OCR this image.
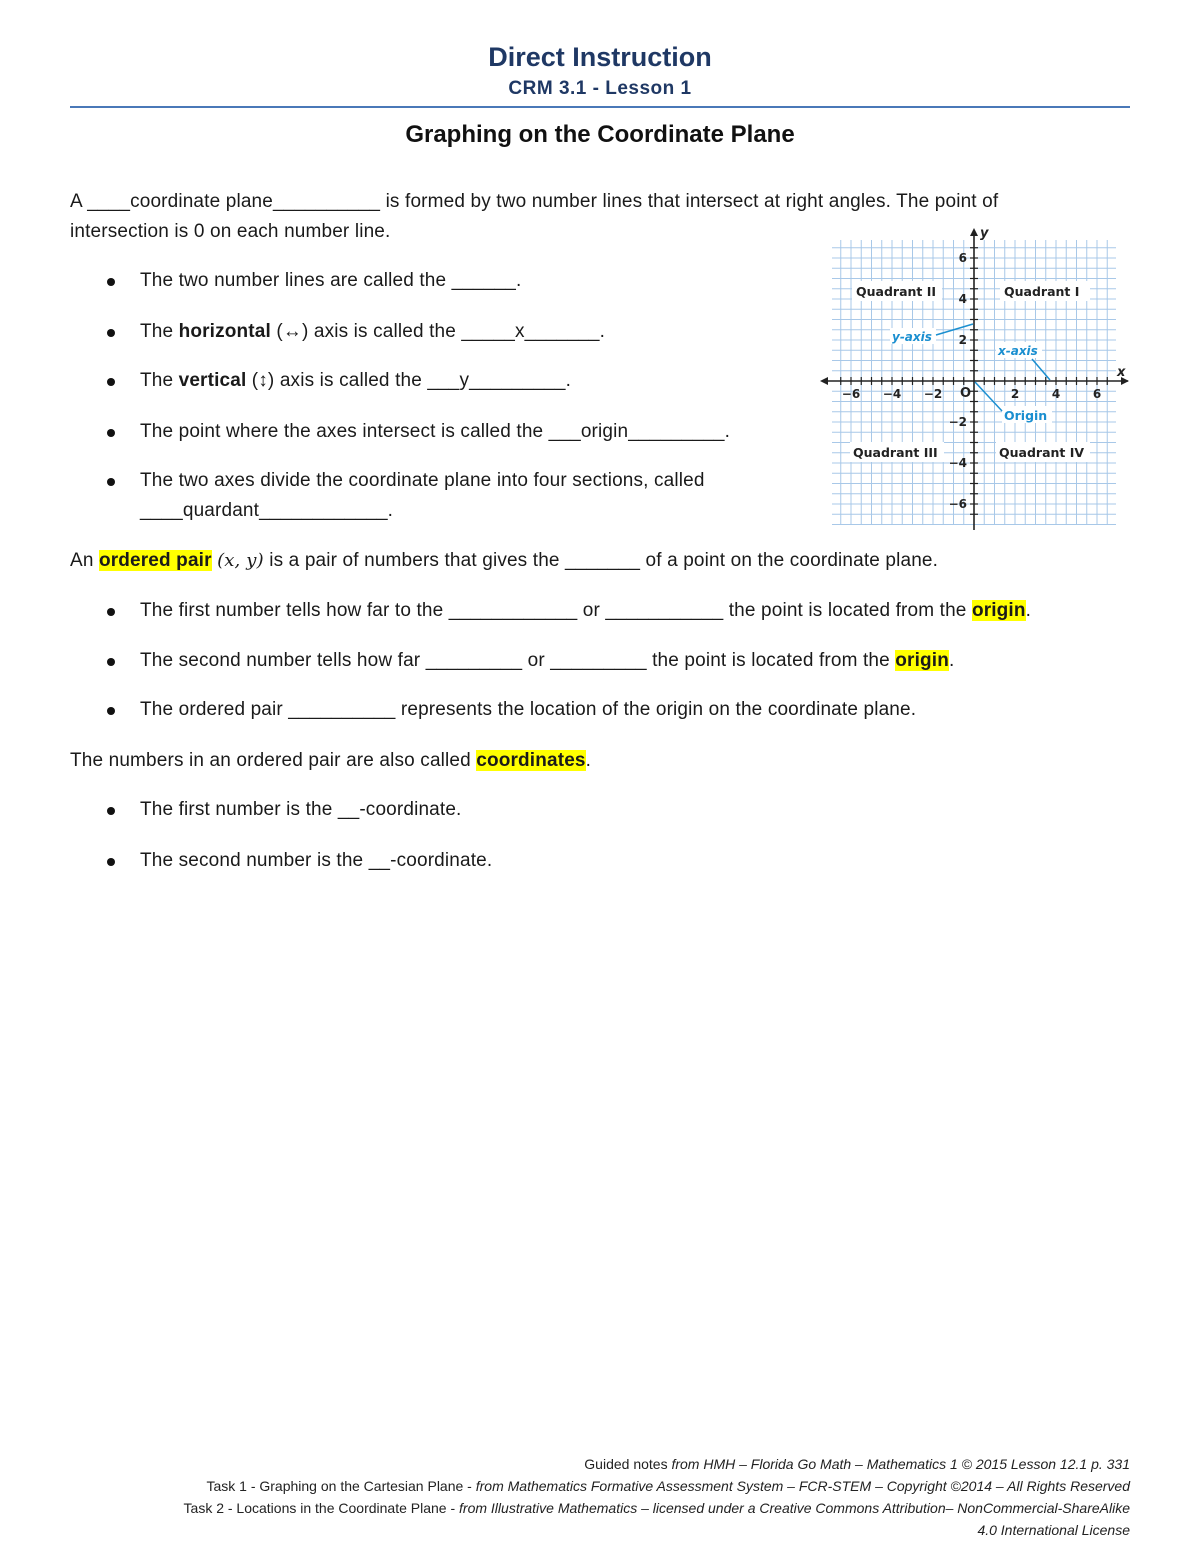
Direct Instruction
CRM 3.1 - Lesson 1
Graphing on the Coordinate Plane
A ____coordinate plane__________ is formed by two number lines that intersect at right angles. The point of
intersection is 0 on each number line.
The two number lines are called the ______.
The horizontal (↔) axis is called the _____x_______.
The vertical (↕) axis is called the ___y_________.
The point where the axes intersect is called the ___origin_________.
The two axes divide the coordinate plane into four sections, called
____quardant____________.
−6 −4 −2	2	4	6
6
4
2
−2
−4
−6
y
x
O
Quadrant II	Quadrant I
Quadrant III	Quadrant IV
y-axis
x-axis
Origin
An ordered pair (x, y) is a pair of numbers that gives the _______ of a point on the coordinate plane.
The first number tells how far to the ____________ or ___________ the point is located from the origin.
The second number tells how far _________ or _________ the point is located from the origin.
The ordered pair __________ represents the location of the origin on the coordinate plane.
The numbers in an ordered pair are also called coordinates.
The first number is the __-coordinate.
The second number is the __-coordinate.
Guided notes from HMH – Florida Go Math – Mathematics 1 © 2015 Lesson 12.1 p. 331
Task 1 - Graphing on the Cartesian Plane - from Mathematics Formative Assessment System – FCR-STEM – Copyright ©2014 – All Rights Reserved
Task 2 - Locations in the Coordinate Plane - from Illustrative Mathematics – licensed under a Creative Commons Attribution– NonCommercial-ShareAlike
4.0 International License
